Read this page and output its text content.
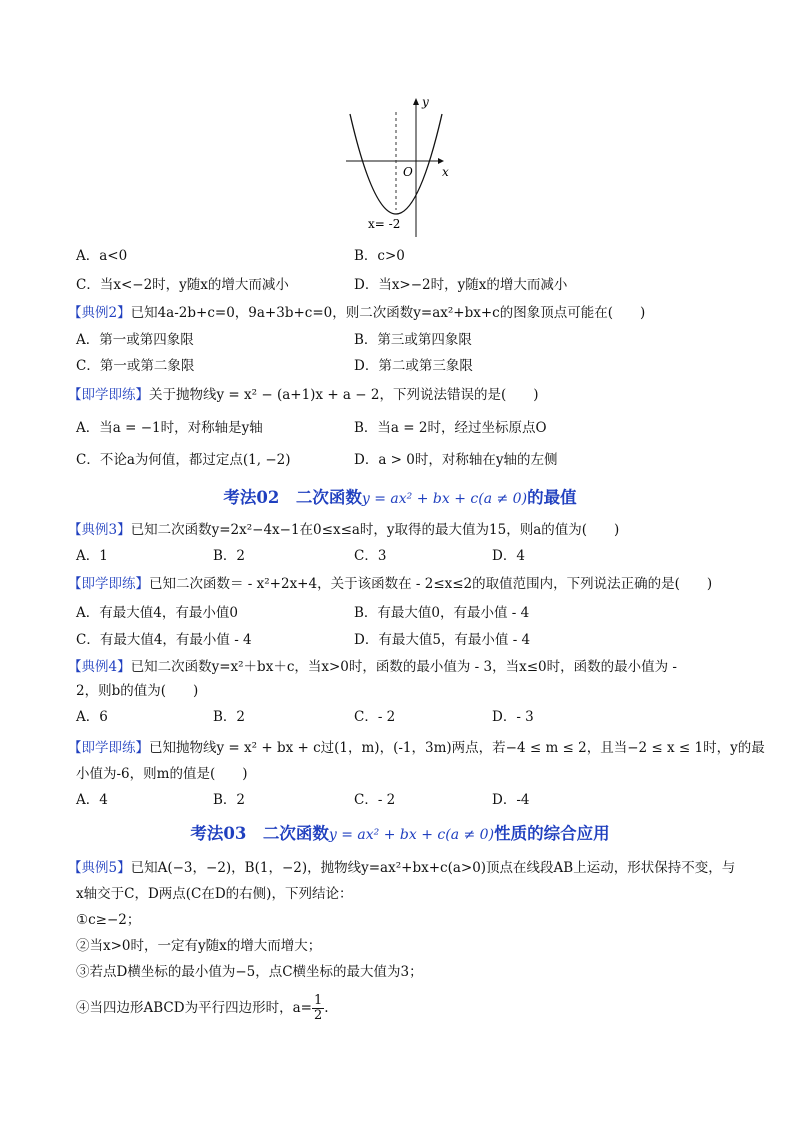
y
x
O
x= -2
A．a<0	B．c>0
C．当x<−2时，y随x的增大而减小	D．当x>−2时，y随x的增大而减小
【典例2】已知4a-2b+c=0，9a+3b+c=0，则二次函数y=ax²+bx+c的图象顶点可能在(　　)
A．第一或第四象限	B．第三或第四象限
C．第一或第二象限	D．第二或第三象限
【即学即练】关于抛物线y = x² − (a+1)x + a − 2，下列说法错误的是(　　)
A．当a = −1时，对称轴是y轴	B．当a = 2时，经过坐标原点O
C．不论a为何值，都过定点(1, −2)	D．a > 0时，对称轴在y轴的左侧
考法02　二次函数y = ax² + bx + c(a ≠ 0)的最值
【典例3】已知二次函数y=2x²−4x−1在0≤x≤a时，y取得的最大值为15，则a的值为(　　)
A．1	B．2	C．3	D．4
【即学即练】已知二次函数＝ - x²+2x+4，关于该函数在 - 2≤x≤2的取值范围内，下列说法正确的是(　　)
A．有最大值4，有最小值0	B．有最大值0，有最小值 - 4
C．有最大值4，有最小值 - 4	D．有最大值5，有最小值 - 4
【典例4】已知二次函数y=x²＋bx＋c，当x>0时，函数的最小值为 - 3，当x≤0时，函数的最小值为 -
2，则b的值为(　　)
A．6	B．2	C．- 2	D．- 3
【即学即练】已知抛物线y = x² + bx + c过(1，m)，(-1，3m)两点，若−4 ≤ m ≤ 2，且当−2 ≤ x ≤ 1时，y的最
小值为-6，则m的值是(　　)
A．4	B．2	C．- 2	D．-4
考法03　二次函数y = ax² + bx + c(a ≠ 0)性质的综合应用
【典例5】已知A(−3，−2)，B(1，−2)，抛物线y=ax²+bx+c(a>0)顶点在线段AB上运动，形状保持不变，与
x轴交于C，D两点(C在D的右侧)，下列结论：
①c≥−2；
②当x>0时，一定有y随x的增大而增大；
③若点D横坐标的最小值为−5，点C横坐标的最大值为3；
④当四边形ABCD为平行四边形时，$a= \frac{1}{2}$ .
